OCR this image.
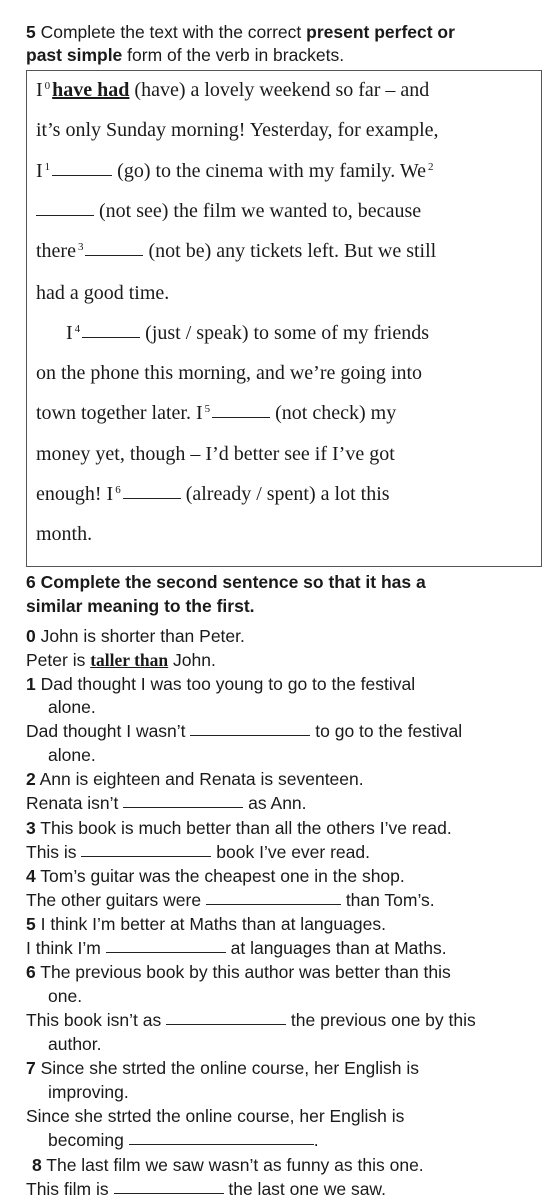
5 Complete the text with the correct present perfect or
past simple form of the verb in brackets.
I $^0$ have had (have) a lovely weekend so far – and
it’s only Sunday morning! Yesterday, for example,
I $^1$	(go) to the cinema with my family. We $^2$
(not see) the film we wanted to, because
there $^3$	(not be) any tickets left. But we still
had a good time.
I $^4$	(just / speak) to some of my friends
on the phone this morning, and we’re going into
town together later. I $^5$	(not check) my
money yet, though – I’d better see if I’ve got
enough! I $^6$	(already / spent) a lot this
month.
6 Complete the second sentence so that it has a
similar meaning to the first.
0 John is shorter than Peter.
Peter is taller than John.
1 Dad thought I was too young to go to the festival
alone.
Dad thought I wasn’t	to go to the festival
alone.
2 Ann is eighteen and Renata is seventeen.
Renata isn’t	as Ann.
3 This book is much better than all the others I’ve read.
This is	book I’ve ever read.
4 Tom’s guitar was the cheapest one in the shop.
The other guitars were	than Tom’s.
5 I think I’m better at Maths than at languages.
I think I’m	at languages than at Maths.
6 The previous book by this author was better than this
one.
This book isn’t as	the previous one by this
author.
7 Since she strted the online course, her English is
improving.
Since she strted the online course, her English is
becoming	.
8 The last film we saw wasn’t as funny as this one.
This film is	the last one we saw.
